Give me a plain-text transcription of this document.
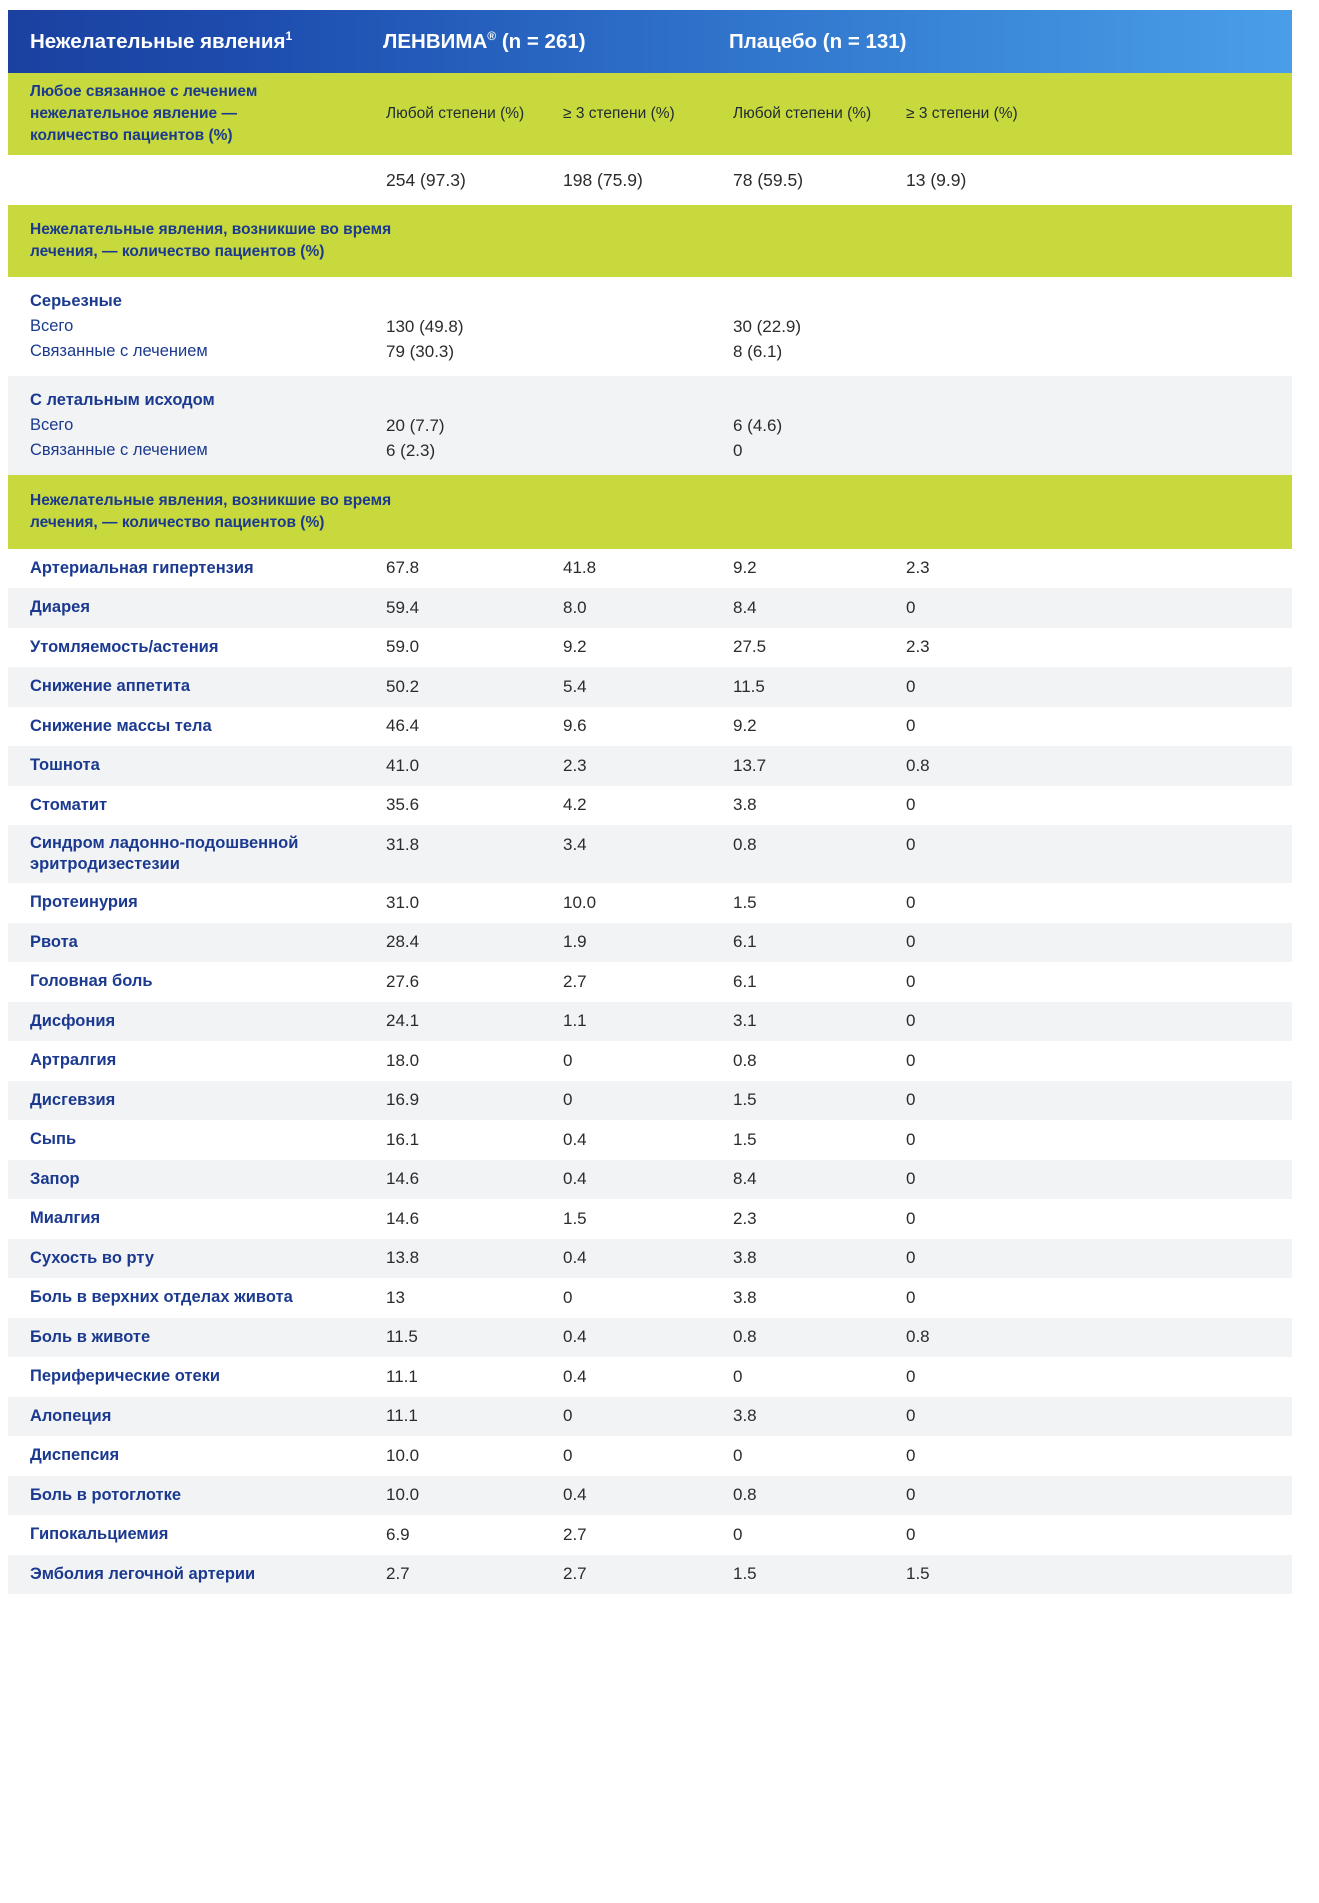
Нежелательные явления$^1$	ЛЕНВИМА® (n = 261)	Плацебо (n = 131)
Любое связанное с лечением
нежелательное явление —
количество пациентов (%)
Любой степени (%)	≥ 3 степени (%)	Любой степени (%) ≥ 3 степени (%)
254 (97.3)	198 (75.9)	78 (59.5)	13 (9.9)
Нежелательные явления, возникшие во время
лечения, — количество пациентов (%)
Серьезные
Всего	130 (49.8)	30 (22.9)
Связанные с лечением	79 (30.3)	8 (6.1)
С летальным исходом
Всего	20 (7.7)	6 (4.6)
Связанные с лечением	6 (2.3)	0
Нежелательные явления, возникшие во время
лечения, — количество пациентов (%)
Артериальная гипертензия	67.8	41.8	9.2	2.3
Диарея	59.4	8.0	8.4	0
Утомляемость/астения	59.0	9.2	27.5	2.3
Снижение аппетита	50.2	5.4	11.5	0
Снижение массы тела	46.4	9.6	9.2	0
Тошнота	41.0	2.3	13.7	0.8
Стоматит	35.6	4.2	3.8	0
Синдром ладонно-подошвенной
эритродизестезии
31.8	3.4	0.8	0
Протеинурия	31.0	10.0	1.5	0
Рвота	28.4	1.9	6.1	0
Головная боль	27.6	2.7	6.1	0
Дисфония	24.1	1.1	3.1	0
Артралгия	18.0	0	0.8	0
Дисгевзия	16.9	0	1.5	0
Сыпь	16.1	0.4	1.5	0
Запор	14.6	0.4	8.4	0
Миалгия	14.6	1.5	2.3	0
Сухость во рту	13.8	0.4	3.8	0
Боль в верхних отделах живота	13	0	3.8	0
Боль в животе	11.5	0.4	0.8	0.8
Периферические отеки	11.1	0.4	0	0
Алопеция	11.1	0	3.8	0
Диспепсия	10.0	0	0	0
Боль в ротоглотке	10.0	0.4	0.8	0
Гипокальциемия	6.9	2.7	0	0
Эмболия легочной артерии	2.7	2.7	1.5	1.5
